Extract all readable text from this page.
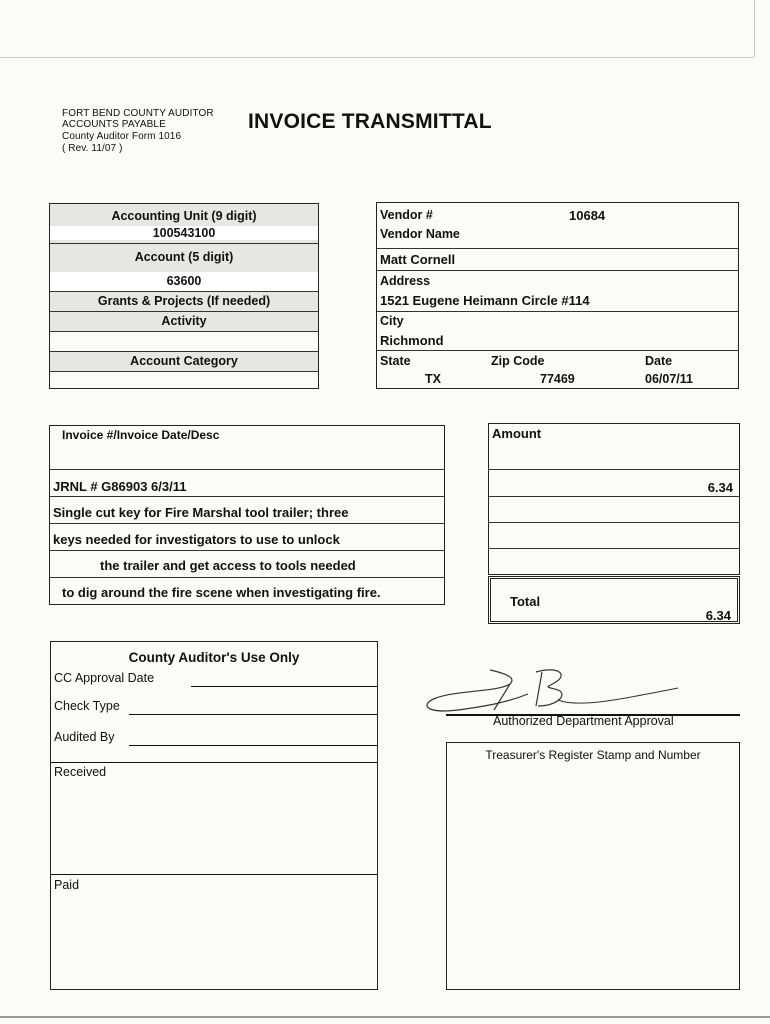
FORT BEND COUNTY AUDITOR
ACCOUNTS PAYABLE
County Auditor Form 1016
( Rev. 11/07 )
INVOICE TRANSMITTAL
Accounting Unit (9 digit)
100543100
Account (5 digit)
63600
Grants & Projects (If needed)
Activity
Account Category
Vendor #	10684
Vendor Name
Matt Cornell
Address
1521 Eugene Heimann Circle #114
City
Richmond
State
TX
Zip Code
77469
Date
06/07/11
Invoice #/Invoice Date/Desc
JRNL # G86903 6/3/11
Single cut key for Fire Marshal tool trailer; three
keys needed for investigators to use to unlock
the trailer and get access to tools needed
to dig around the fire scene when investigating fire.
Amount
6.34
Total
6.34
County Auditor's Use Only
CC Approval Date
Check Type
Audited By
Received
Paid
Authorized Department Approval
Treasurer's Register Stamp and Number
